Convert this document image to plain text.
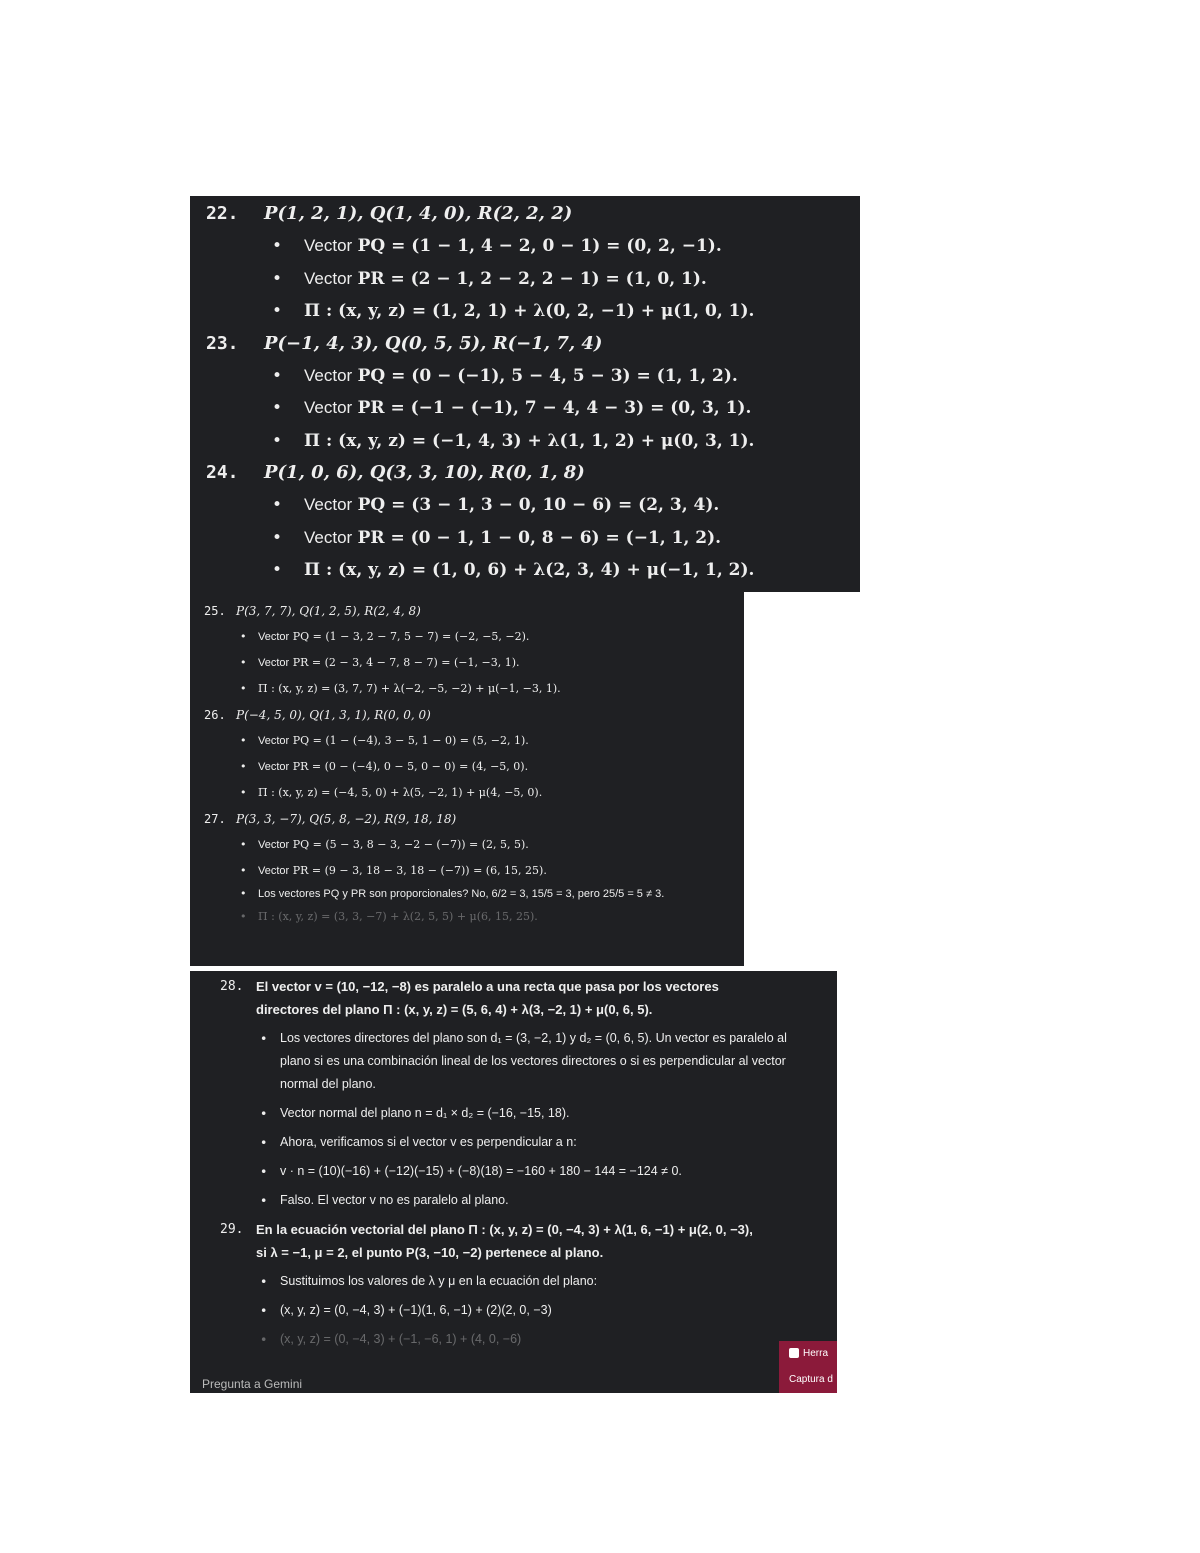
22.	P(1, 2, 1), Q(1, 4, 0), R(2, 2, 2)
•	Vector
PQ = (1 − 1, 4 − 2, 0 − 1) = (0, 2, −1).
•	Vector
PR = (2 − 1, 2 − 2, 2 − 1) = (1, 0, 1).
•	Π : (x, y, z) = (1, 2, 1) + λ(0, 2, −1) + μ(1, 0, 1).
23.	P(−1, 4, 3), Q(0, 5, 5), R(−1, 7, 4)
•	Vector
PQ = (0 − (−1), 5 − 4, 5 − 3) = (1, 1, 2).
•	Vector
PR = (−1 − (−1), 7 − 4, 4 − 3) = (0, 3, 1).
•	Π : (x, y, z) = (−1, 4, 3) + λ(1, 1, 2) + μ(0, 3, 1).
24.	P(1, 0, 6), Q(3, 3, 10), R(0, 1, 8)
•	Vector
PQ = (3 − 1, 3 − 0, 10 − 6) = (2, 3, 4).
•	Vector
PR = (0 − 1, 1 − 0, 8 − 6) = (−1, 1, 2).
•	Π : (x, y, z) = (1, 0, 6) + λ(2, 3, 4) + μ(−1, 1, 2).
25. P(3, 7, 7), Q(1, 2, 5), R(2, 4, 8)
•	Vector
PQ = (1 − 3, 2 − 7, 5 − 7) = (−2, −5, −2).
•	Vector
PR = (2 − 3, 4 − 7, 8 − 7) = (−1, −3, 1).
•	Π : (x, y, z) = (3, 7, 7) + λ(−2, −5, −2) + μ(−1, −3, 1).
26. P(−4, 5, 0), Q(1, 3, 1), R(0, 0, 0)
•	Vector
PQ = (1 − (−4), 3 − 5, 1 − 0) = (5, −2, 1).
•	Vector
PR = (0 − (−4), 0 − 5, 0 − 0) = (4, −5, 0).
•	Π : (x, y, z) = (−4, 5, 0) + λ(5, −2, 1) + μ(4, −5, 0).
27. P(3, 3, −7), Q(5, 8, −2), R(9, 18, 18)
•	Vector
PQ = (5 − 3, 8 − 3, −2 − (−7)) = (2, 5, 5).
•	Vector
PR = (9 − 3, 18 − 3, 18 − (−7)) = (6, 15, 25).
•	Los vectores PQ y PR son proporcionales? No, 6/2 = 3, 15/5 = 3, pero 25/5 = 5 ≠ 3.
•	Π : (x, y, z) = (3, 3, −7) + λ(2, 5, 5) + μ(6, 15, 25).
28. El vector v = (10, −12, −8) es paralelo a una recta que pasa por los vectores directores del plano Π : (x, y, z) = (5, 6, 4) + λ(3, −2, 1) + μ(0, 6, 5).
•	Los vectores directores del plano son d₁ = (3, −2, 1) y d₂ = (0, 6, 5). Un vector es paralelo al plano si es una combinación lineal de los vectores directores o si es perpendicular al vector normal del plano.
•	Vector normal del plano n = d₁ × d₂ = (−16, −15, 18).
•	Ahora, verificamos si el vector v es perpendicular a n:
•	v · n = (10)(−16) + (−12)(−15) + (−8)(18) = −160 + 180 − 144 = −124 ≠ 0.
•	Falso. El vector v no es paralelo al plano.
29. En la ecuación vectorial del plano Π : (x, y, z) = (0, −4, 3) + λ(1, 6, −1) + μ(2, 0, −3), si λ = −1, μ = 2, el punto P(3, −10, −2) pertenece al plano.
•	Sustituimos los valores de λ y μ en la ecuación del plano:
•	(x, y, z) = (0, −4, 3) + (−1)(1, 6, −1) + (2)(2, 0, −3)
•	(x, y, z) = (0, −4, 3) + (−1, −6, 1) + (4, 0, −6)
Pregunta a Gemini
Herra
Captura d
